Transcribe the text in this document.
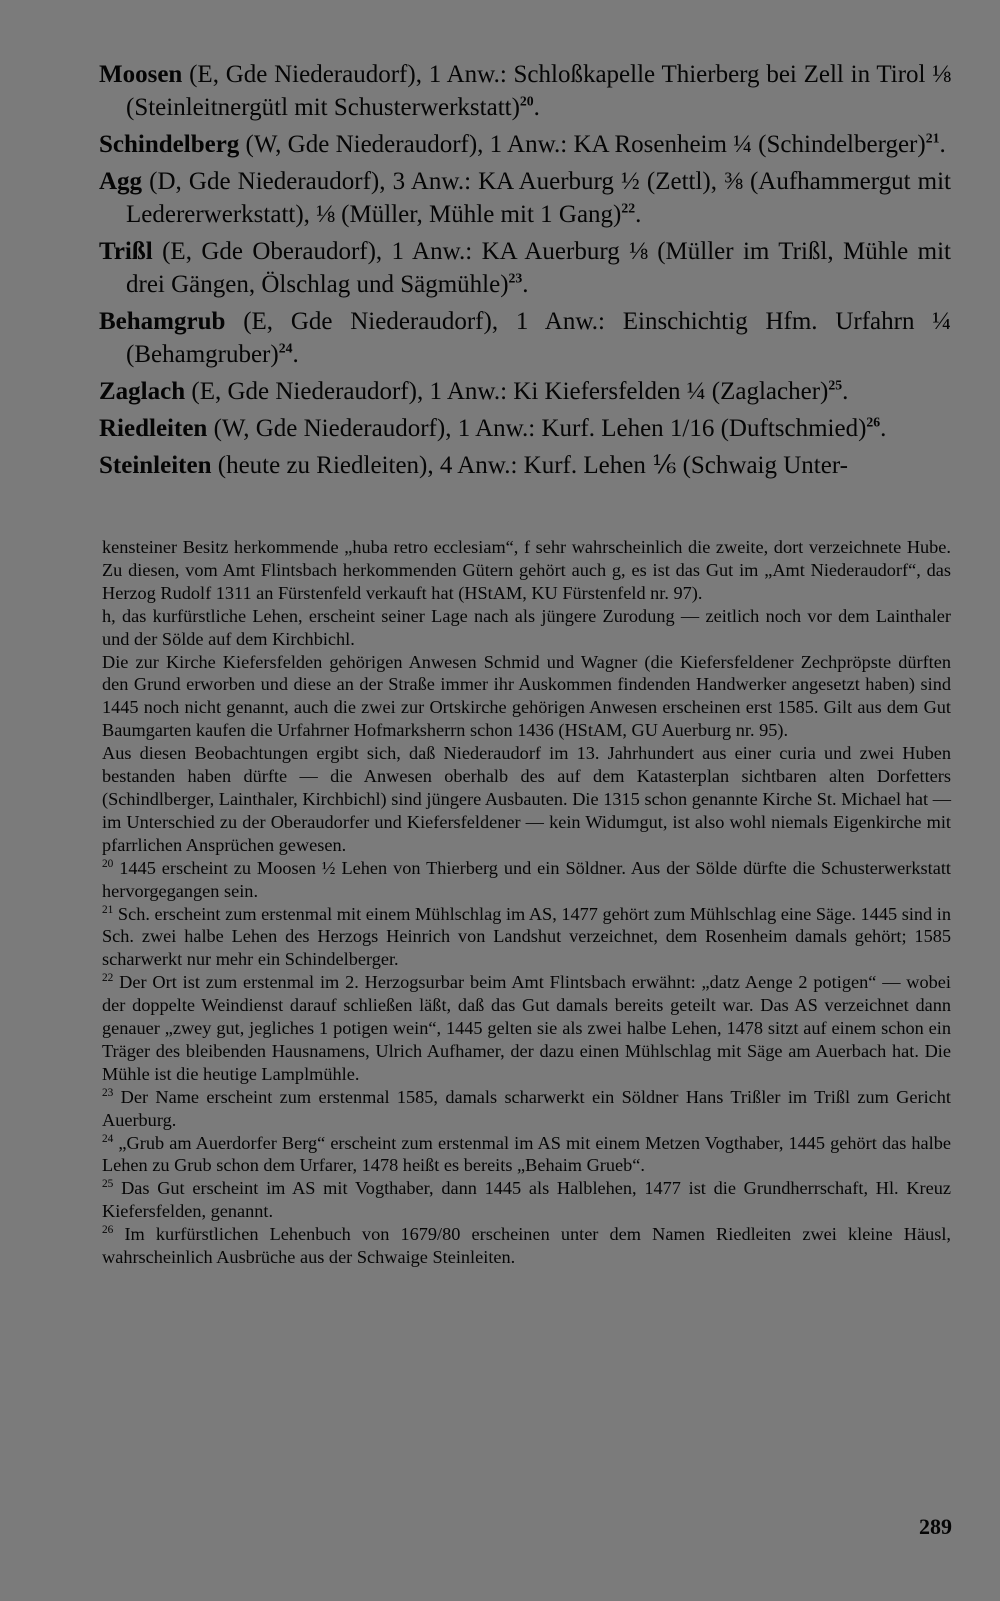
Moosen (E, Gde Niederaudorf), 1 Anw.: Schloßkapelle Thierberg bei Zell in Tirol ⅛ (Steinleitnergütl mit Schusterwerkstatt)$^{20}$.
Schindelberg (W, Gde Niederaudorf), 1 Anw.: KA Rosenheim ¼ (Schindelberger)$^{21}$.
Agg (D, Gde Niederaudorf), 3 Anw.: KA Auerburg ½ (Zettl), ⅜ (Aufhammergut mit Ledererwerkstatt), ⅛ (Müller, Mühle mit 1 Gang)$^{22}$.
Trißl (E, Gde Oberaudorf), 1 Anw.: KA Auerburg ⅛ (Müller im Trißl, Mühle mit drei Gängen, Ölschlag und Sägmühle)$^{23}$.
Behamgrub (E, Gde Niederaudorf), 1 Anw.: Einschichtig Hfm. Urfahrn ¼ (Behamgruber)$^{24}$.
Zaglach (E, Gde Niederaudorf), 1 Anw.: Ki Kiefersfelden ¼ (Zaglacher)$^{25}$.
Riedleiten (W, Gde Niederaudorf), 1 Anw.: Kurf. Lehen 1/16 (Duftschmied)$^{26}$.
Steinleiten (heute zu Riedleiten), 4 Anw.: Kurf. Lehen ⅙ (Schwaig Unter-

kensteiner Besitz herkommende „huba retro ecclesiam“, f sehr wahrscheinlich die zweite, dort verzeichnete Hube. Zu diesen, vom Amt Flintsbach herkommenden Gütern gehört auch g, es ist das Gut im „Amt Niederaudorf“, das Herzog Rudolf 1311 an Fürstenfeld verkauft hat (HStAM, KU Fürstenfeld nr. 97).

h, das kurfürstliche Lehen, erscheint seiner Lage nach als jüngere Zurodung — zeitlich noch vor dem Lainthaler und der Sölde auf dem Kirchbichl.

Die zur Kirche Kiefersfelden gehörigen Anwesen Schmid und Wagner (die Kiefersfeldener Zechpröpste dürften den Grund erworben und diese an der Straße immer ihr Auskommen findenden Handwerker angesetzt haben) sind 1445 noch nicht genannt, auch die zwei zur Ortskirche gehörigen Anwesen erscheinen erst 1585. Gilt aus dem Gut Baumgarten kaufen die Urfahrner Hofmarksherrn schon 1436 (HStAM, GU Auerburg nr. 95).

Aus diesen Beobachtungen ergibt sich, daß Niederaudorf im 13. Jahrhundert aus einer curia und zwei Huben bestanden haben dürfte — die Anwesen oberhalb des auf dem Katasterplan sichtbaren alten Dorfetters (Schindlberger, Lainthaler, Kirchbichl) sind jüngere Ausbauten. Die 1315 schon genannte Kirche St. Michael hat — im Unterschied zu der Oberaudorfer und Kiefersfeldener — kein Widumgut, ist also wohl niemals Eigenkirche mit pfarrlichen Ansprüchen gewesen.

$^{20}$ 1445 erscheint zu Moosen ½ Lehen von Thierberg und ein Söldner. Aus der Sölde dürfte die Schusterwerkstatt hervorgegangen sein.

$^{21}$ Sch. erscheint zum erstenmal mit einem Mühlschlag im AS, 1477 gehört zum Mühlschlag eine Säge. 1445 sind in Sch. zwei halbe Lehen des Herzogs Heinrich von Landshut verzeichnet, dem Rosenheim damals gehört; 1585 scharwerkt nur mehr ein Schindelberger.

$^{22}$ Der Ort ist zum erstenmal im 2. Herzogsurbar beim Amt Flintsbach erwähnt: „datz Aenge 2 potigen“ — wobei der doppelte Weindienst darauf schließen läßt, daß das Gut damals bereits geteilt war. Das AS verzeichnet dann genauer „zwey gut, jegliches 1 potigen wein“, 1445 gelten sie als zwei halbe Lehen, 1478 sitzt auf einem schon ein Träger des bleibenden Hausnamens, Ulrich Aufhamer, der dazu einen Mühlschlag mit Säge am Auerbach hat. Die Mühle ist die heutige Lamplmühle.

$^{23}$ Der Name erscheint zum erstenmal 1585, damals scharwerkt ein Söldner Hans Trißler im Trißl zum Gericht Auerburg.

$^{24}$ „Grub am Auerdorfer Berg“ erscheint zum erstenmal im AS mit einem Metzen Vogthaber, 1445 gehört das halbe Lehen zu Grub schon dem Urfarer, 1478 heißt es bereits „Behaim Grueb“.

$^{25}$ Das Gut erscheint im AS mit Vogthaber, dann 1445 als Halblehen, 1477 ist die Grundherrschaft, Hl. Kreuz Kiefersfelden, genannt.

$^{26}$ Im kurfürstlichen Lehenbuch von 1679/80 erscheinen unter dem Namen Riedleiten zwei kleine Häusl, wahrscheinlich Ausbrüche aus der Schwaige Steinleiten.

289
